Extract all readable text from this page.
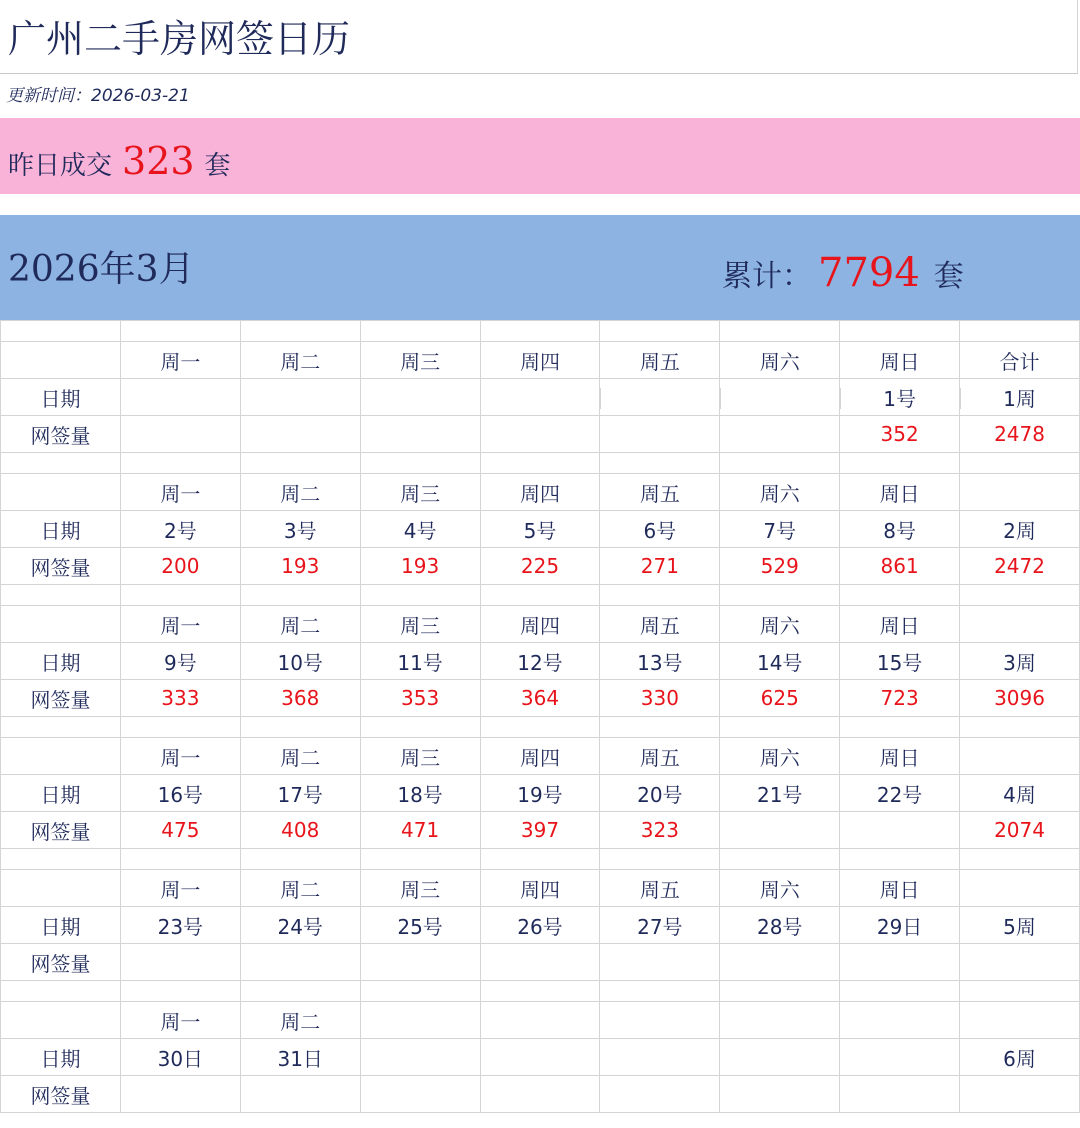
广州二手房网签日历
更新时间：2026-03-21
昨日成交 323 套
2026年3月	累计： 7794 套

	周一	周二	周三	周四	周五	周六	周日	合计
日期							1号	1周
网签量							352	2478

	周一	周二	周三	周四	周五	周六	周日	
日期	2号	3号	4号	5号	6号	7号	8号	2周
网签量	200	193	193	225	271	529	861	2472

	周一	周二	周三	周四	周五	周六	周日	
日期	9号	10号	11号	12号	13号	14号	15号	3周
网签量	333	368	353	364	330	625	723	3096

	周一	周二	周三	周四	周五	周六	周日	
日期	16号	17号	18号	19号	20号	21号	22号	4周
网签量	475	408	471	397	323			2074

	周一	周二	周三	周四	周五	周六	周日	
日期	23号	24号	25号	26号	27号	28号	29日	5周
网签量								

	周一	周二						
日期	30日	31日						6周
网签量								
